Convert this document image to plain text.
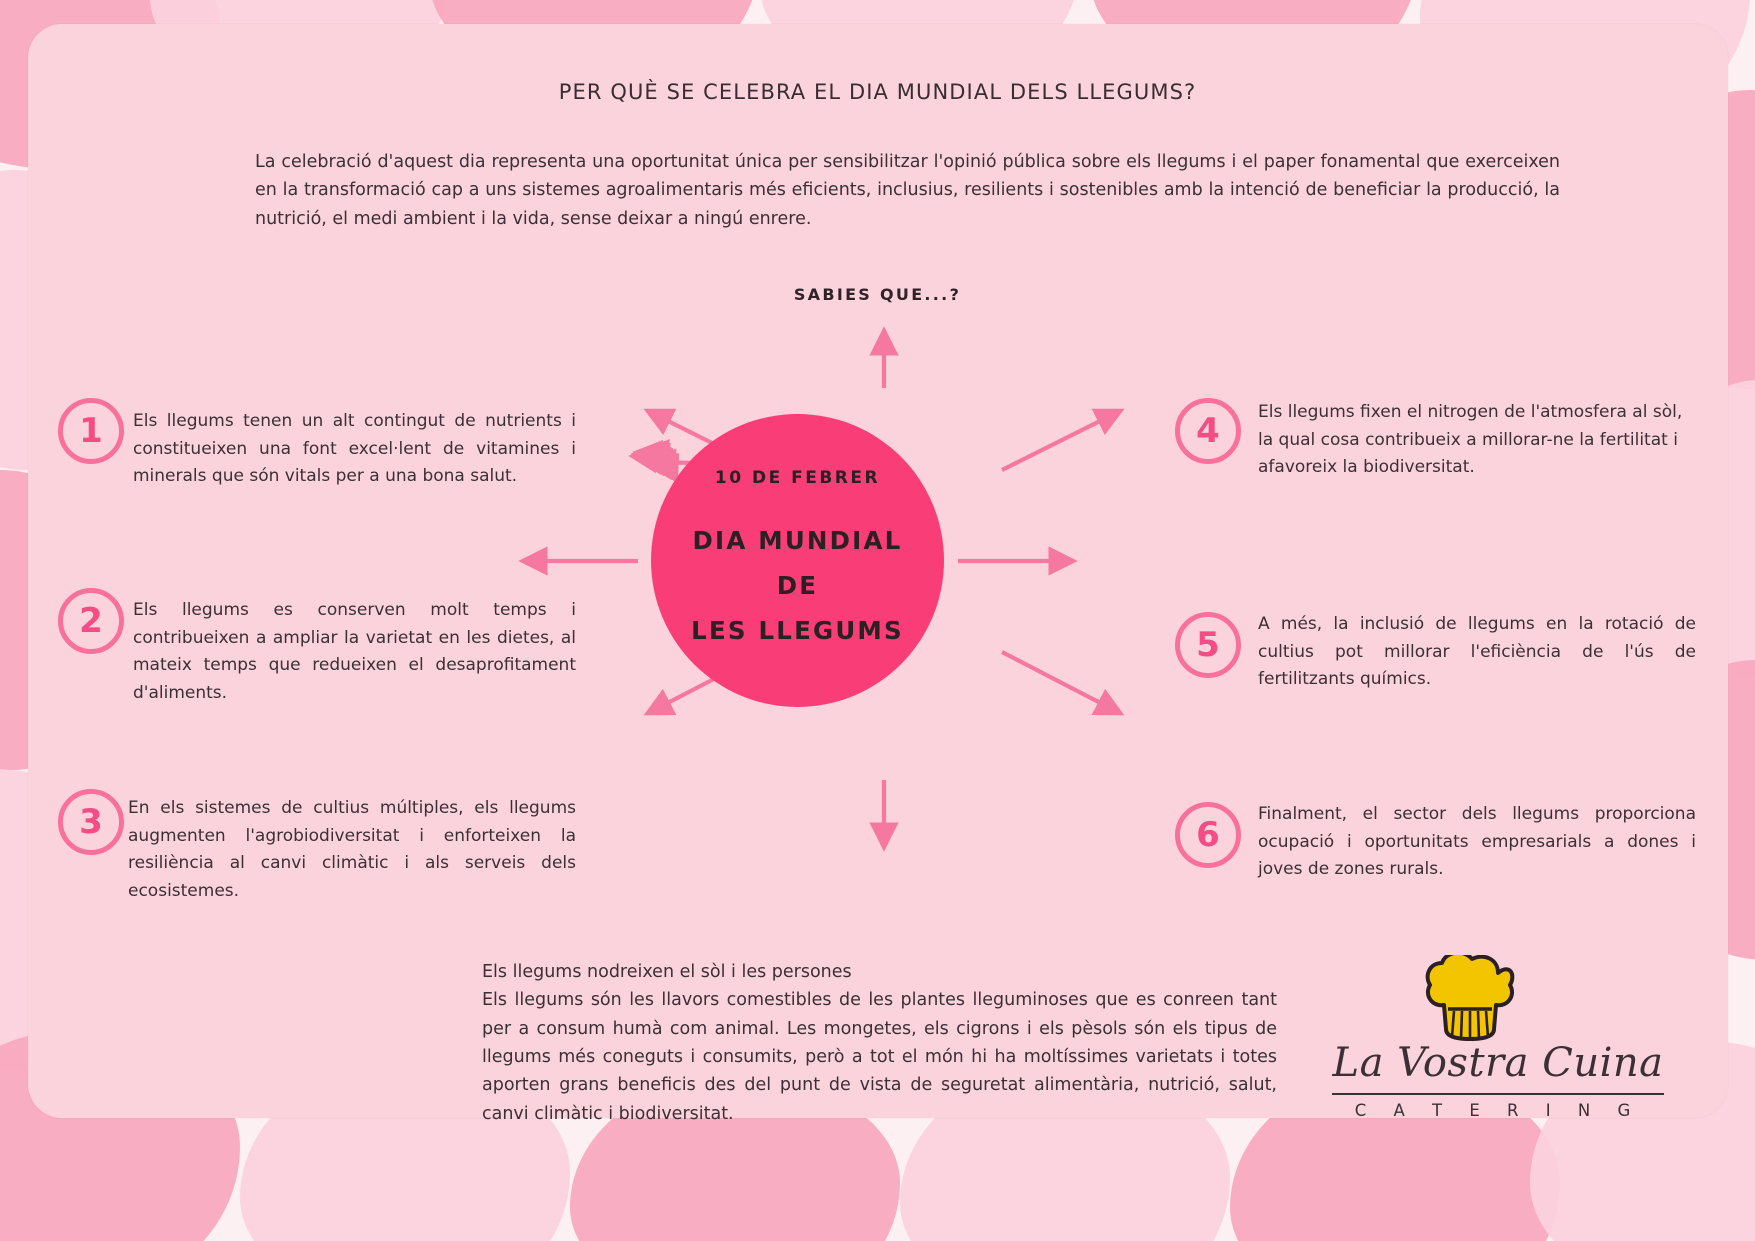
PER QUÈ SE CELEBRA EL DIA MUNDIAL DELS LLEGUMS?
La celebració d'aquest dia representa una oportunitat única per sensibilitzar l'opinió pública sobre els llegums i el paper fonamental que exerceixen en la transformació cap a uns sistemes agroalimentaris més eficients, inclusius, resilients i sostenibles amb la intenció de beneficiar la producció, la nutrició, el medi ambient i la vida, sense deixar a ningú enrere.
SABIES QUE...?
10 DE FEBRER
DIA MUNDIAL DE
LES LLEGUMS
1	Els llegums tenen un alt contingut de nutrients i constitueixen una font excel·lent de vitamines i minerals que són vitals per a una bona salut.
2	Els llegums es conserven molt temps i contribueixen a ampliar la varietat en les dietes, al mateix temps que redueixen el desaprofitament d'aliments.
3	En els sistemes de cultius múltiples, els llegums augmenten l'agrobiodiversitat i enforteixen la resiliència al canvi climàtic i als serveis dels ecosistemes.
4	Els llegums fixen el nitrogen de l'atmosfera al sòl, la qual cosa contribueix a millorar-ne la fertilitat i afavoreix la biodiversitat.
5
A més, la inclusió de llegums en la rotació de cultius pot millorar l'eficiència de l'ús de fertilitzants químics.
6
Finalment, el sector dels llegums proporciona ocupació i oportunitats empresarials a dones i joves de zones rurals.
Els llegums nodreixen el sòl i les persones
Els llegums són les llavors comestibles de les plantes lleguminoses que es conreen tant per a consum humà com animal. Les mongetes, els cigrons i els pèsols són els tipus de llegums més coneguts i consumits, però a tot el món hi ha moltíssimes varietats i totes aporten grans beneficis des del punt de vista de seguretat alimentària, nutrició, salut, canvi climàtic i biodiversitat.
La Vostra Cuina
C A T E R I N G
